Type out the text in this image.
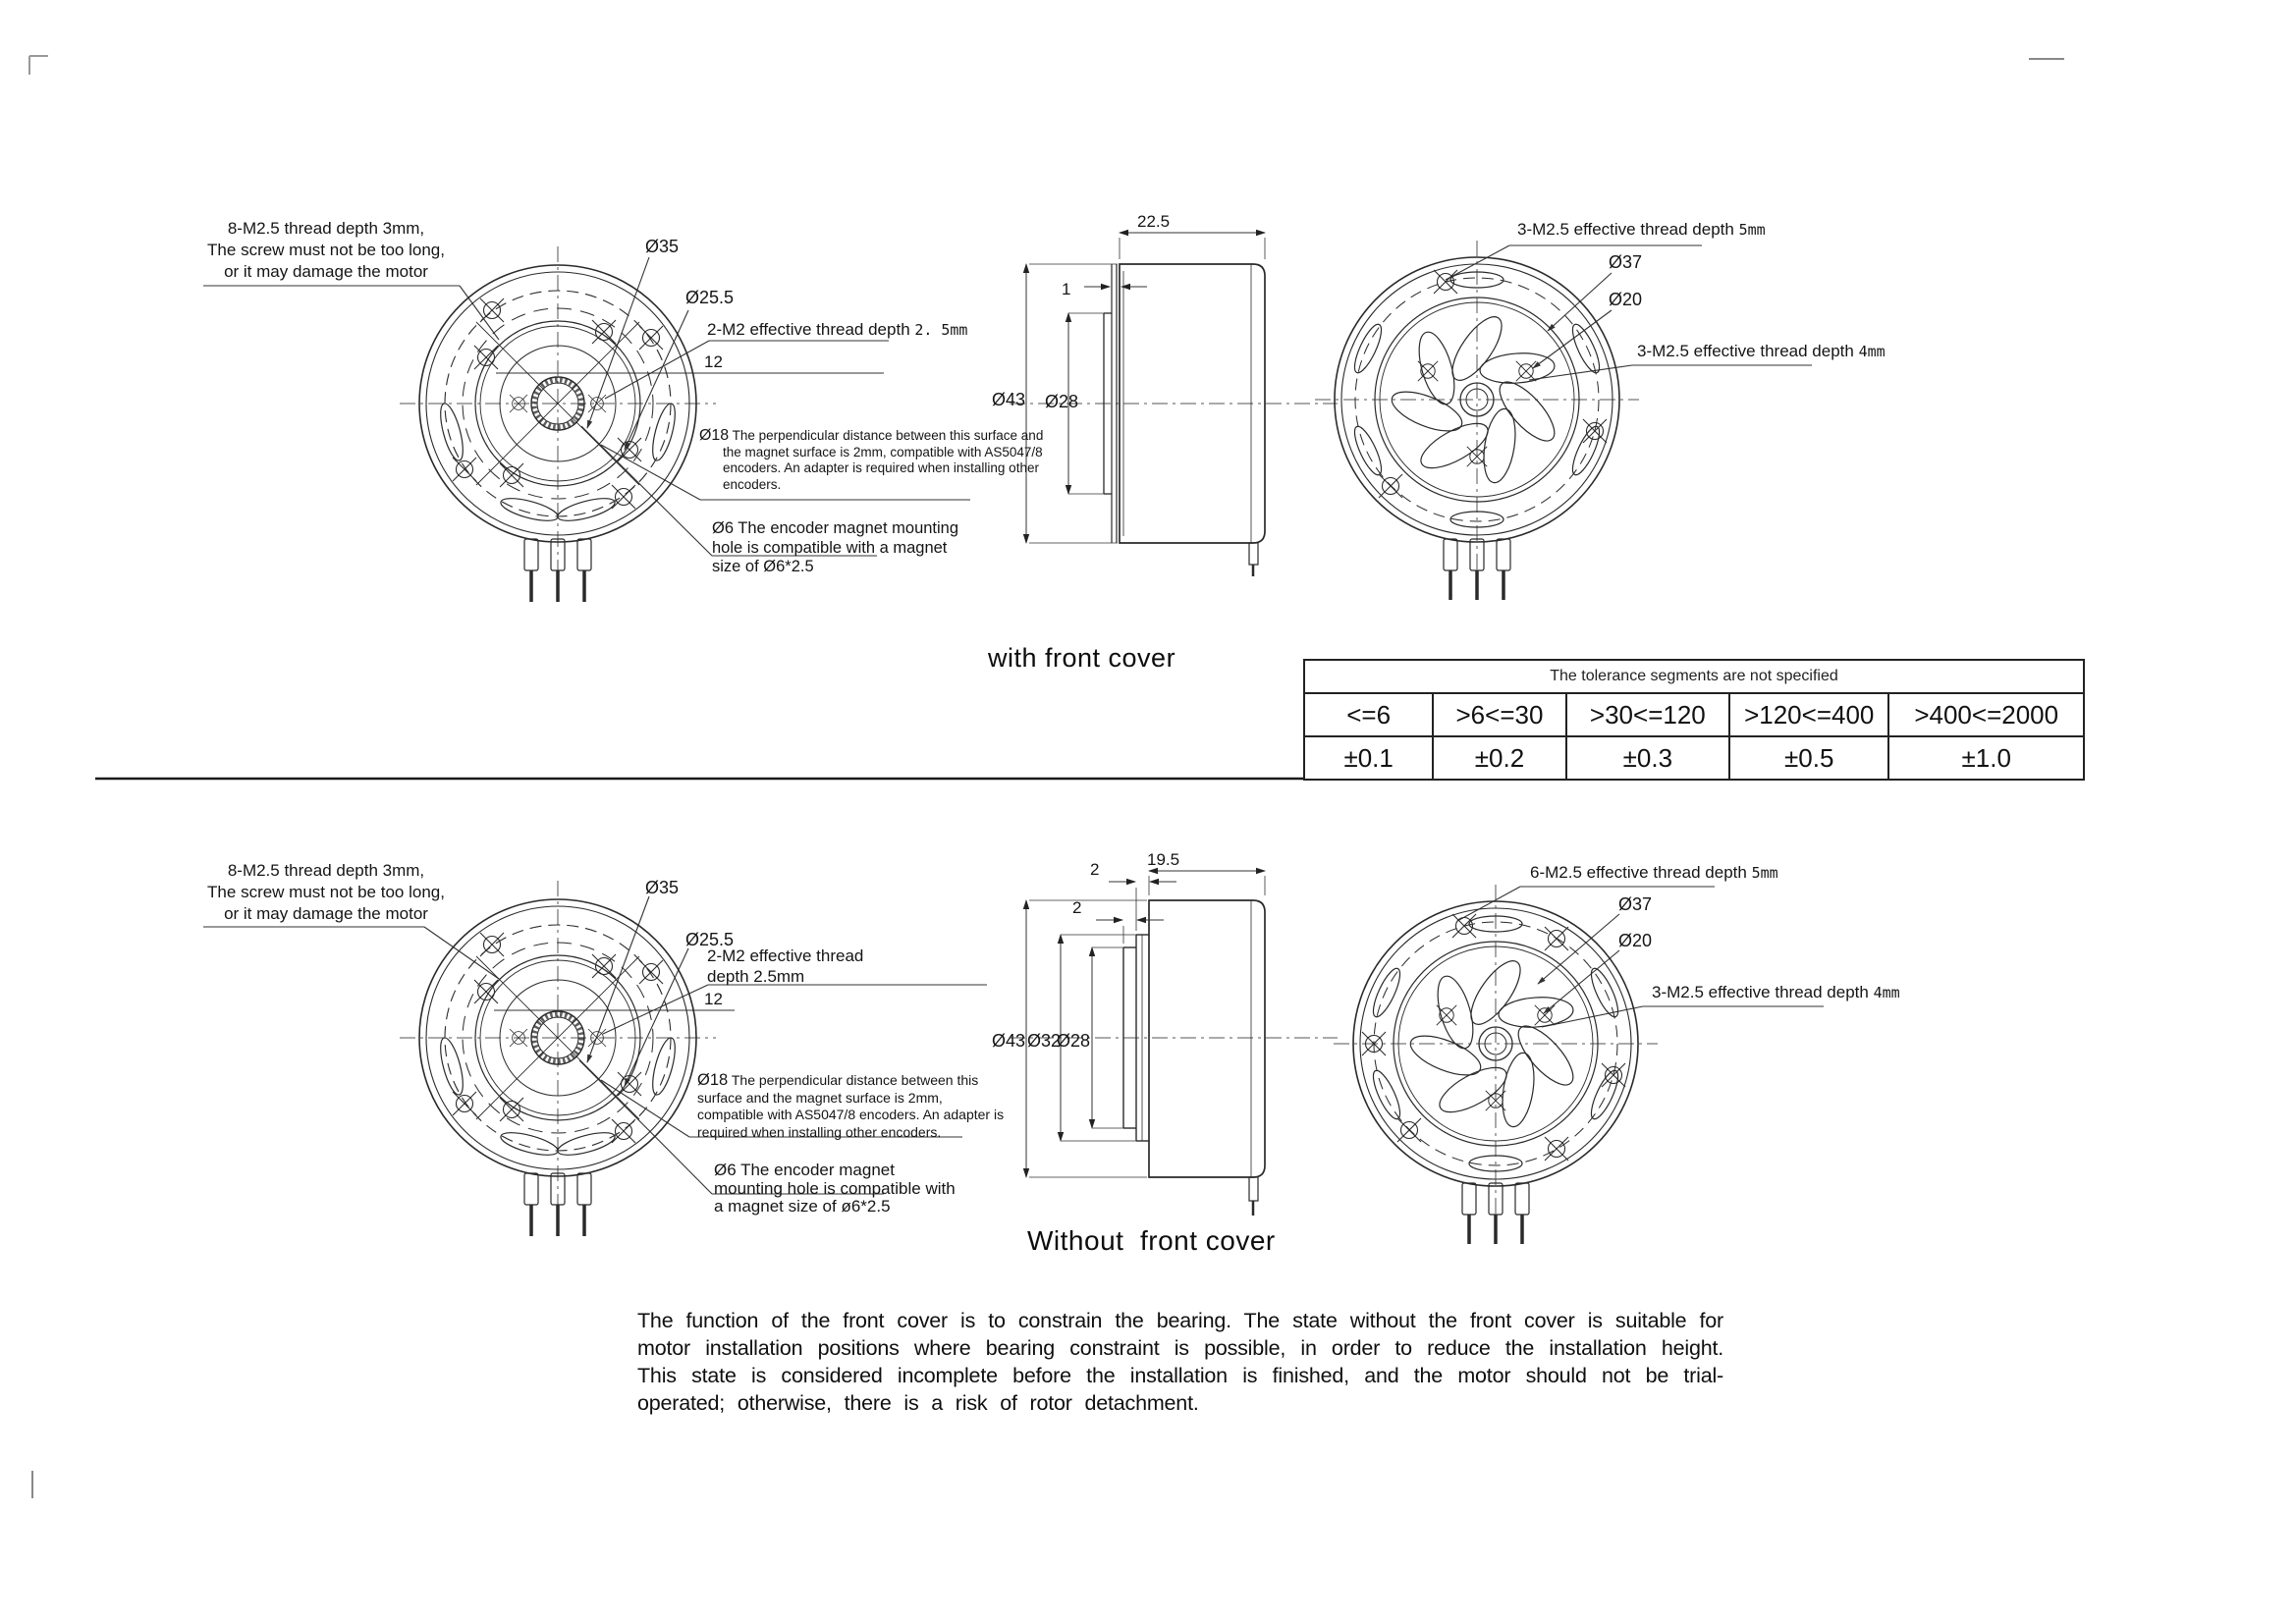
8-M2.5 thread depth 3mm,
The screw must not be too long,
or it may damage the motor
Ø35
Ø25.5
2-M2 effective thread depth 2. 5mm
12
Ø18 The perpendicular distance between this surface and the magnet surface is 2mm, compatible with AS5047/8 encoders. An adapter is required when installing other encoders.
Ø6 The encoder magnet mounting
hole is compatible with a magnet
size of Ø6*2.5
22.5
1
Ø43 Ø28
3-M2.5 effective thread depth 5mm
Ø37
Ø20
3-M2.5 effective thread depth 4mm
with front cover
The tolerance segments are not specified				
<=6	>6<=30	>30<=120	>120<=400	>400<=2000
±0.1	±0.2	±0.3	±0.5	±1.0
8-M2.5 thread depth 3mm,
The screw must not be too long,
or it may damage the motor
Ø35
Ø25.5
2-M2 effective thread
depth 2.5mm
12
Ø18 The perpendicular distance between this surface and the magnet surface is 2mm, compatible with AS5047/8 encoders. An adapter is required when installing other encoders.
Ø6 The encoder magnet
mounting hole is compatible with
a magnet size of ø6*2.5
19.5
2
2
Ø43 Ø32
Ø28
6-M2.5 effective thread depth 5mm
Ø37
Ø20
3-M2.5 effective thread depth 4mm
Without  front cover
The function of the front cover is to constrain the bearing. The state without the front cover is suitable for motor installation positions where bearing constraint is possible, in order to reduce the installation height. This state is considered incomplete before the installation is finished, and the motor should not be trial-operated; otherwise, there is a risk of rotor detachment.
